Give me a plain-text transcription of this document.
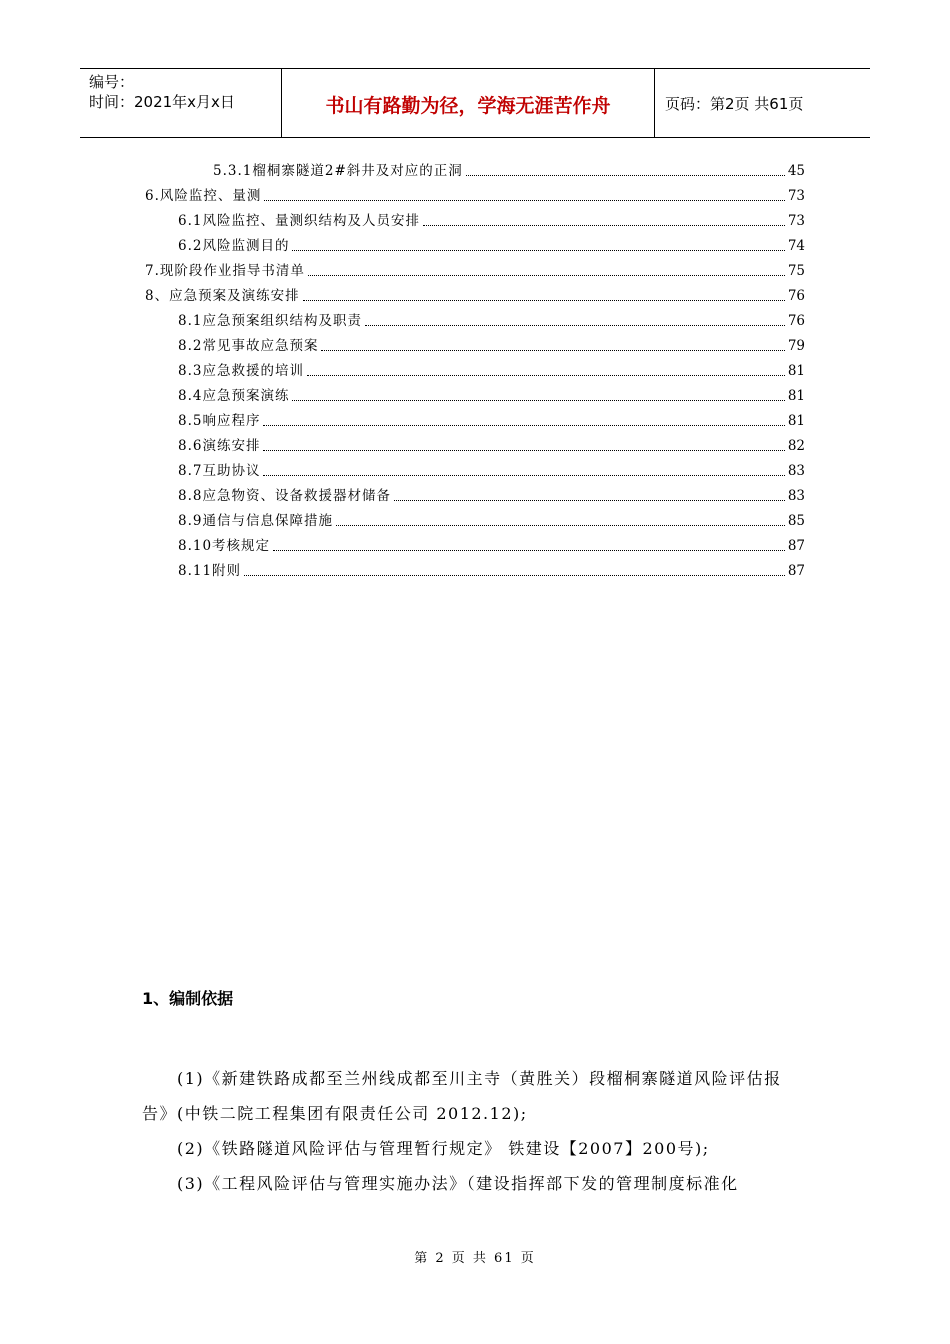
编号：
时间：2021年x月x日	书山有路勤为径，学海无涯苦作舟	页码：第2页 共61页
5.3.1榴桐寨隧道2#斜井及对应的正洞	45
6.风险监控、量测	73
6.1风险监控、量测织结构及人员安排	73
6.2风险监测目的	74
7.现阶段作业指导书清单	75
8、应急预案及演练安排	76
8.1应急预案组织结构及职责	76
8.2常见事故应急预案	79
8.3应急救援的培训	81
8.4应急预案演练	81
8.5响应程序	81
8.6演练安排	82
8.7互助协议	83
8.8应急物资、设备救援器材储备	83
8.9通信与信息保障措施	85
8.10考核规定	87
8.11附则	87
1、编制依据

(1)《新建铁路成都至兰州线成都至川主寺（黄胜关）段榴桐寨隧道风险评估报告》(中铁二院工程集团有限责任公司 2012.12);

(2)《铁路隧道风险评估与管理暂行规定》 铁建设【2007】200号);

(3)《工程风险评估与管理实施办法》（建设指挥部下发的管理制度标准化

第 2 页 共 61 页
